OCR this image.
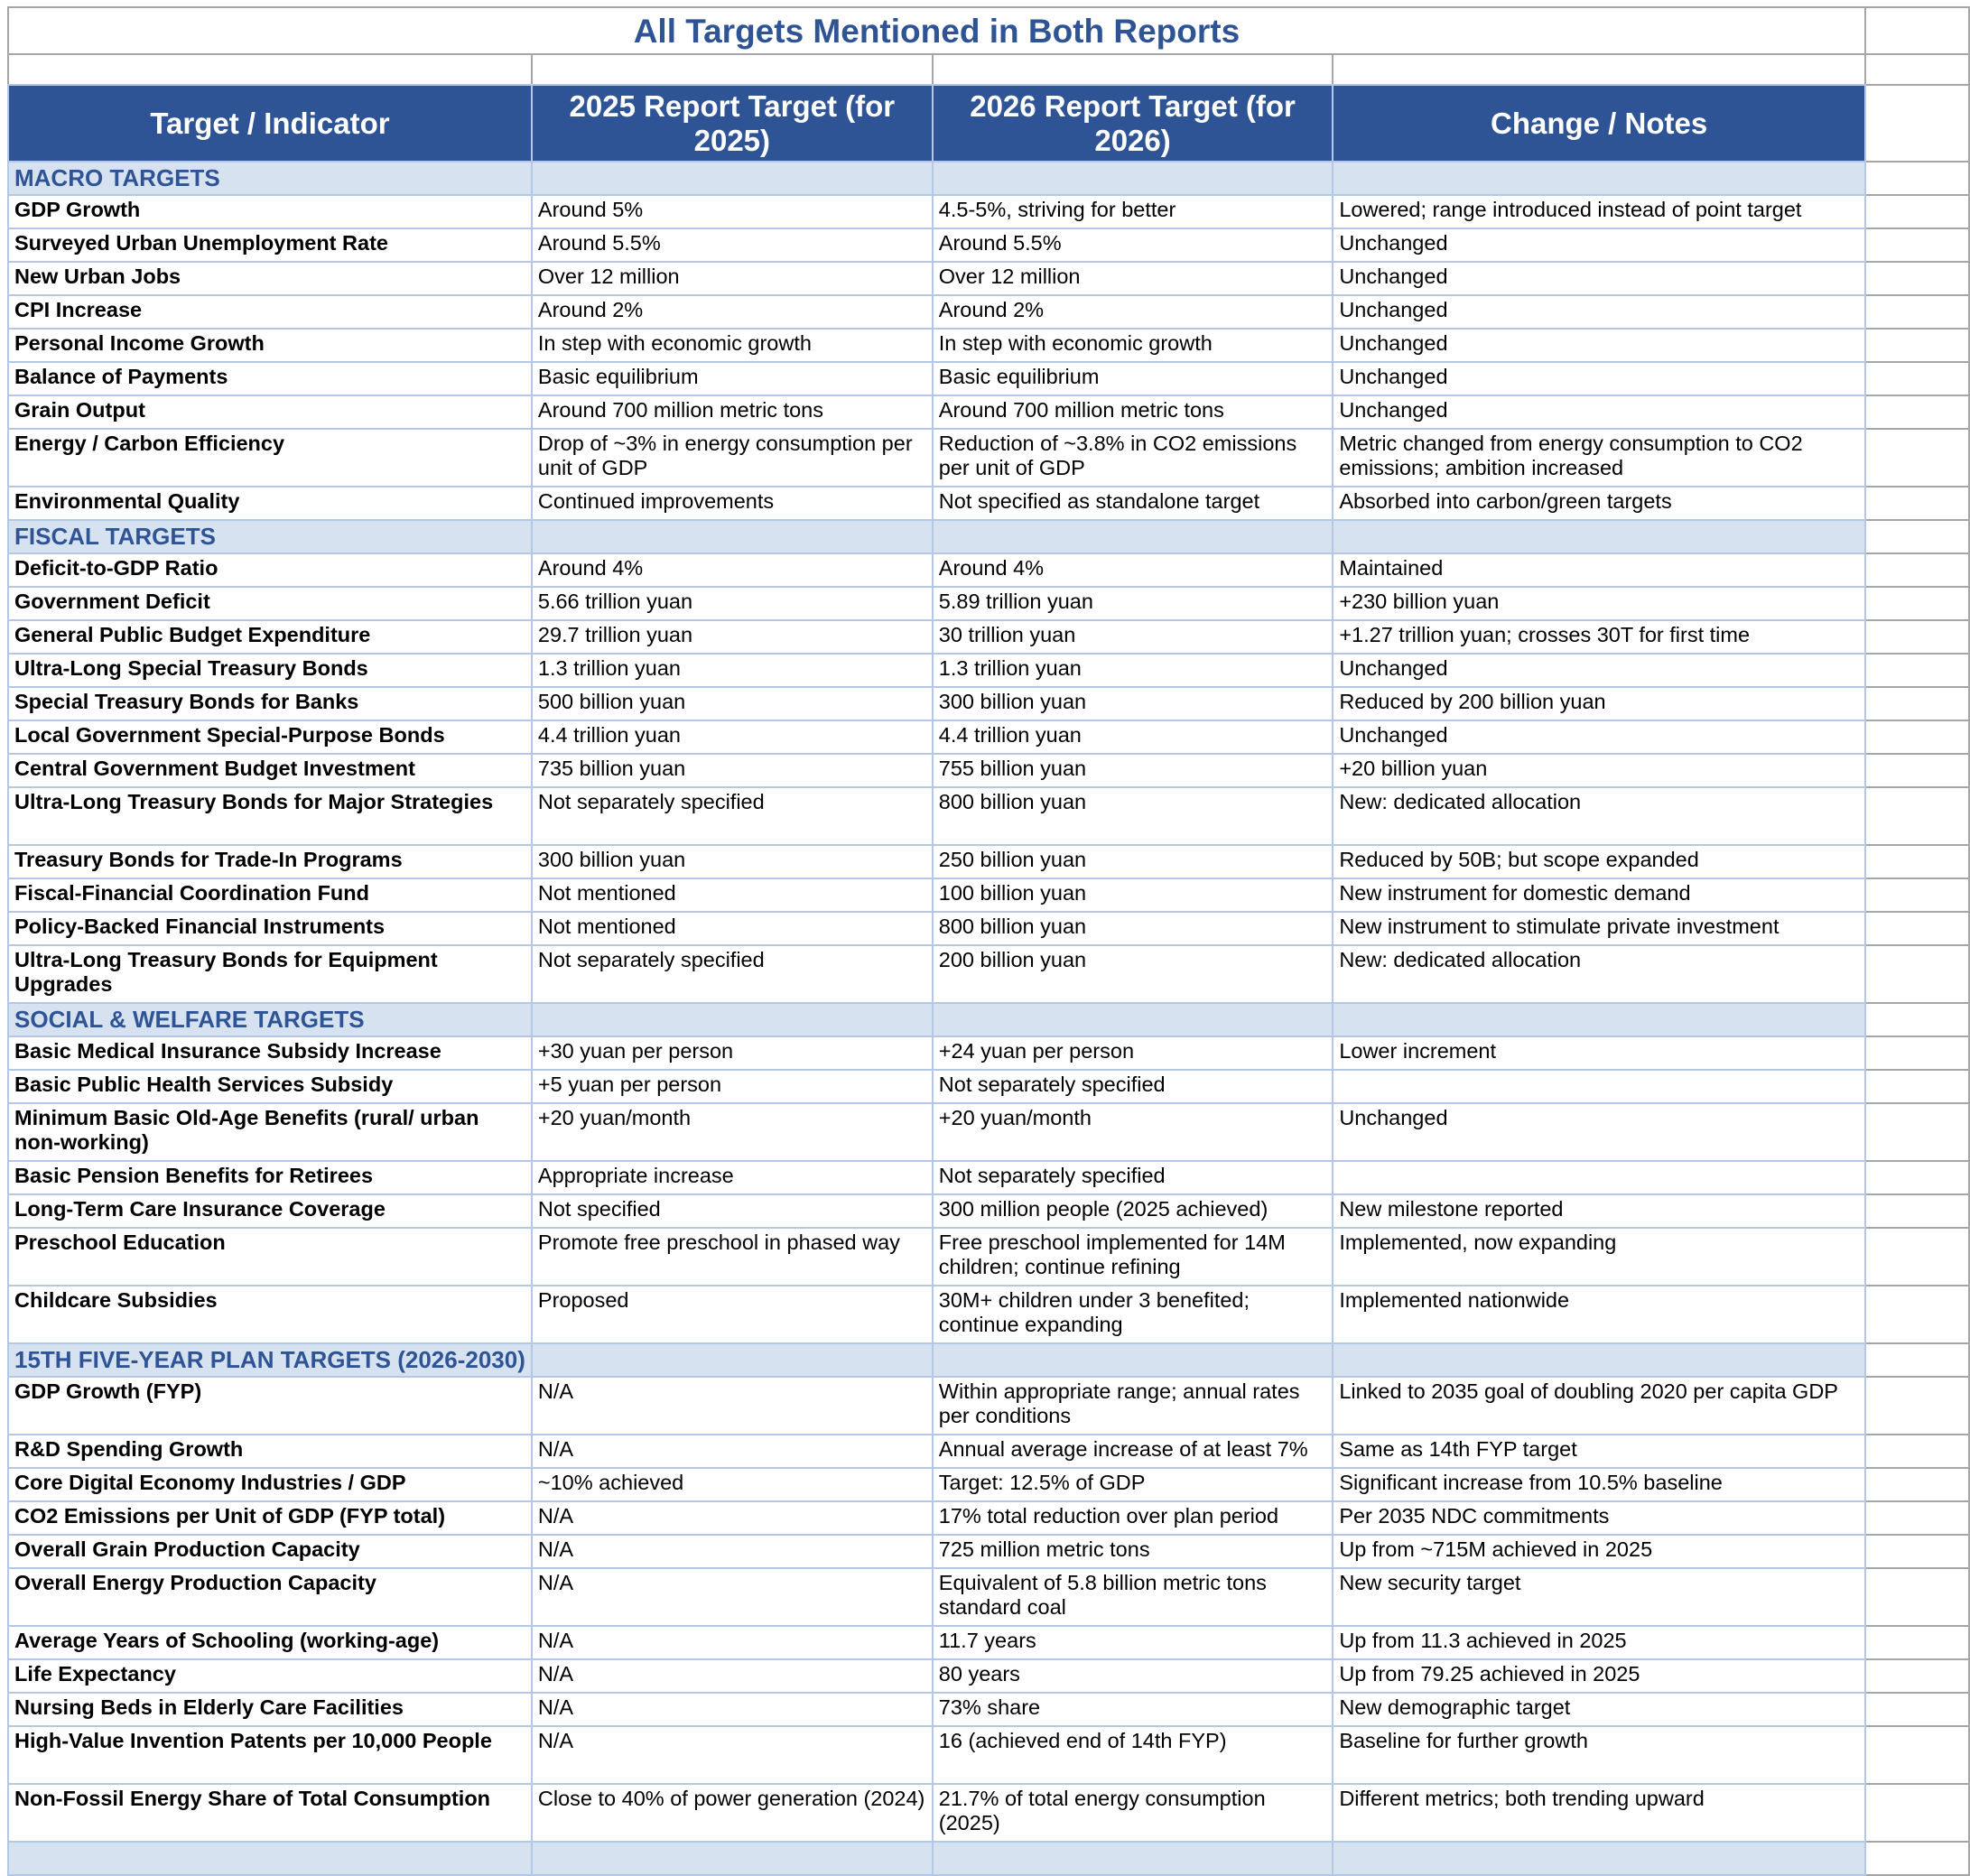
All Targets Mentioned in Both Reports				

Target / Indicator	2025 Report Target (for 2025)	2026 Report Target (for 2026)	Change / Notes	
MACRO TARGETS				
GDP Growth	Around 5%	4.5-5%, striving for better	Lowered; range introduced instead of point target	
Surveyed Urban Unemployment Rate	Around 5.5%	Around 5.5%	Unchanged	
New Urban Jobs	Over 12 million	Over 12 million	Unchanged	
CPI Increase	Around 2%	Around 2%	Unchanged	
Personal Income Growth	In step with economic growth	In step with economic growth	Unchanged	
Balance of Payments	Basic equilibrium	Basic equilibrium	Unchanged	
Grain Output	Around 700 million metric tons	Around 700 million metric tons	Unchanged	
Energy / Carbon Efficiency	Drop of ~3% in energy consumption per unit of GDP	Reduction of ~3.8% in CO2 emissions per unit of GDP	Metric changed from energy consumption to CO2 emissions; ambition increased	
Environmental Quality	Continued improvements	Not specified as standalone target	Absorbed into carbon/green targets	
FISCAL TARGETS				
Deficit-to-GDP Ratio	Around 4%	Around 4%	Maintained	
Government Deficit	5.66 trillion yuan	5.89 trillion yuan	+230 billion yuan	
General Public Budget Expenditure	29.7 trillion yuan	30 trillion yuan	+1.27 trillion yuan; crosses 30T for first time	
Ultra-Long Special Treasury Bonds	1.3 trillion yuan	1.3 trillion yuan	Unchanged	
Special Treasury Bonds for Banks	500 billion yuan	300 billion yuan	Reduced by 200 billion yuan	
Local Government Special-Purpose Bonds	4.4 trillion yuan	4.4 trillion yuan	Unchanged	
Central Government Budget Investment	735 billion yuan	755 billion yuan	+20 billion yuan	
Ultra-Long Treasury Bonds for Major Strategies	Not separately specified	800 billion yuan	New: dedicated allocation	
Treasury Bonds for Trade-In Programs	300 billion yuan	250 billion yuan	Reduced by 50B; but scope expanded	
Fiscal-Financial Coordination Fund	Not mentioned	100 billion yuan	New instrument for domestic demand	
Policy-Backed Financial Instruments	Not mentioned	800 billion yuan	New instrument to stimulate private investment	
Ultra-Long Treasury Bonds for Equipment Upgrades	Not separately specified	200 billion yuan	New: dedicated allocation	
SOCIAL & WELFARE TARGETS				
Basic Medical Insurance Subsidy Increase	+30 yuan per person	+24 yuan per person	Lower increment	
Basic Public Health Services Subsidy	+5 yuan per person	Not separately specified		
Minimum Basic Old-Age Benefits (rural/ urban non-working)	+20 yuan/month	+20 yuan/month	Unchanged	
Basic Pension Benefits for Retirees	Appropriate increase	Not separately specified		
Long-Term Care Insurance Coverage	Not specified	300 million people (2025 achieved)	New milestone reported	
Preschool Education	Promote free preschool in phased way	Free preschool implemented for 14M children; continue refining	Implemented, now expanding	
Childcare Subsidies	Proposed	30M+ children under 3 benefited; continue expanding	Implemented nationwide	
15TH FIVE-YEAR PLAN TARGETS (2026-2030)				
GDP Growth (FYP)	N/A	Within appropriate range; annual rates per conditions	Linked to 2035 goal of doubling 2020 per capita GDP	
R&D Spending Growth	N/A	Annual average increase of at least 7%	Same as 14th FYP target	
Core Digital Economy Industries / GDP	~10% achieved	Target: 12.5% of GDP	Significant increase from 10.5% baseline	
CO2 Emissions per Unit of GDP (FYP total)	N/A	17% total reduction over plan period	Per 2035 NDC commitments	
Overall Grain Production Capacity	N/A	725 million metric tons	Up from ~715M achieved in 2025	
Overall Energy Production Capacity	N/A	Equivalent of 5.8 billion metric tons standard coal	New security target	
Average Years of Schooling (working-age)	N/A	11.7 years	Up from 11.3 achieved in 2025	
Life Expectancy	N/A	80 years	Up from 79.25 achieved in 2025	
Nursing Beds in Elderly Care Facilities	N/A	73% share	New demographic target	
High-Value Invention Patents per 10,000 People	N/A	16 (achieved end of 14th FYP)	Baseline for further growth	
Non-Fossil Energy Share of Total Consumption	Close to 40% of power generation (2024)	21.7% of total energy consumption (2025)	Different metrics; both trending upward	
